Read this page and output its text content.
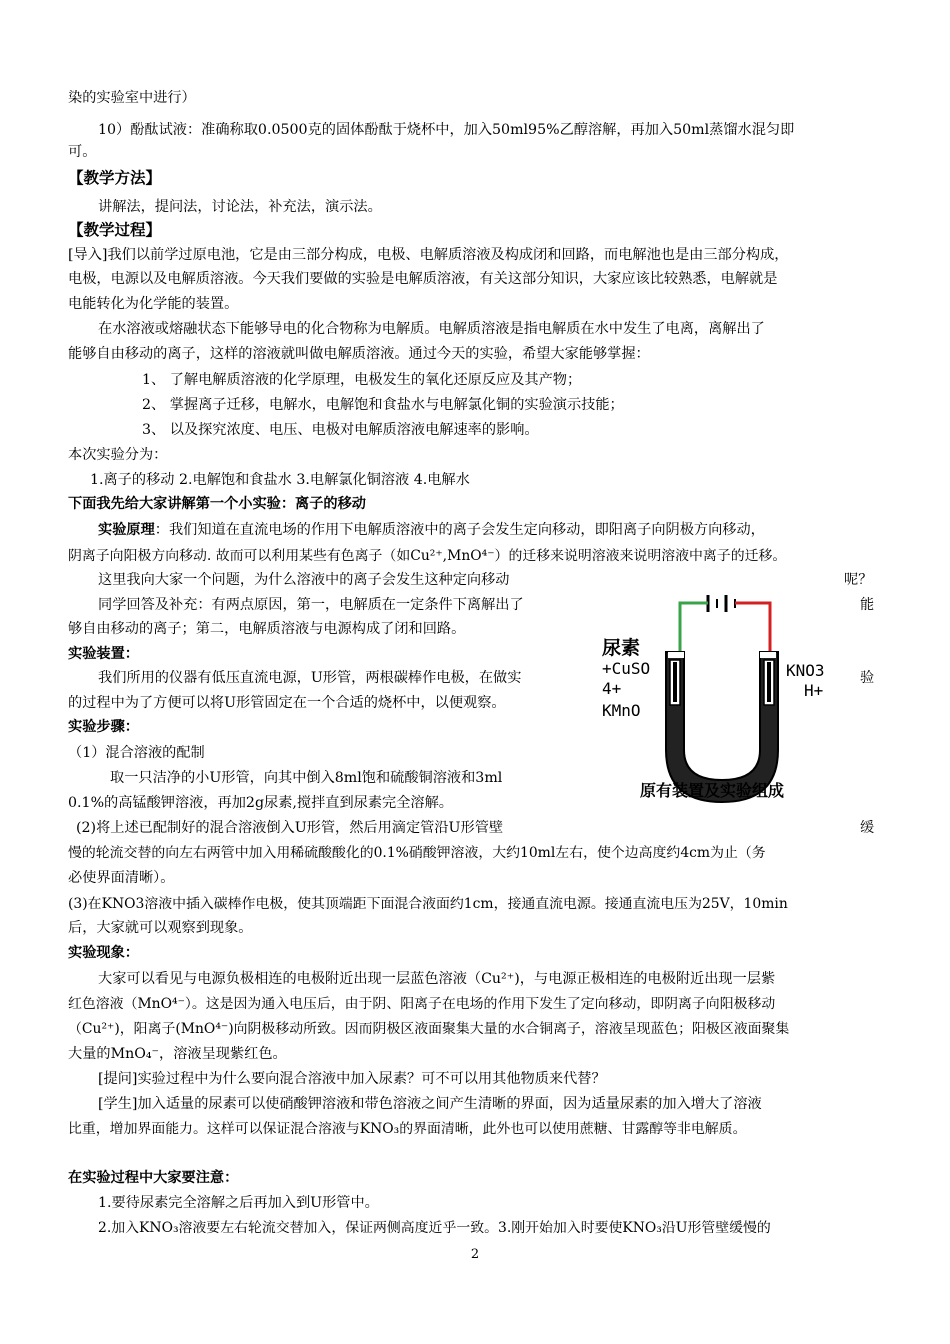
染的实验室中进行）
10）酚酞试液：准确称取0.0500克的固体酚酞于烧杯中，加入50ml95%乙醇溶解，再加入50ml蒸馏水混匀即
可。
【教学方法】
讲解法，提问法，讨论法，补充法，演示法。
【教学过程】
[导入]我们以前学过原电池，它是由三部分构成，电极、电解质溶液及构成闭和回路，而电解池也是由三部分构成，
电极，电源以及电解质溶液。今天我们要做的实验是电解质溶液，有关这部分知识，大家应该比较熟悉，电解就是
电能转化为化学能的装置。
在水溶液或熔融状态下能够导电的化合物称为电解质。电解质溶液是指电解质在水中发生了电离，离解出了
能够自由移动的离子，这样的溶液就叫做电解质溶液。通过今天的实验，希望大家能够掌握：
1、 了解电解质溶液的化学原理，电极发生的氧化还原反应及其产物；
2、 掌握离子迁移，电解水，电解饱和食盐水与电解氯化铜的实验演示技能；
3、 以及探究浓度、电压、电极对电解质溶液电解速率的影响。
本次实验分为：
1.离子的移动 2.电解饱和食盐水 3.电解氯化铜溶液 4.电解水
下面我先给大家讲解第一个小实验：离子的移动
实验原理：我们知道在直流电场的作用下电解质溶液中的离子会发生定向移动，即阳离子向阴极方向移动，
阴离子向阳极方向移动. 故而可以利用某些有色离子（如Cu²⁺,MnO⁴⁻）的迁移来说明溶液来说明溶液中离子的迁移。
这里我向大家一个问题，为什么溶液中的离子会发生这种定向移动	呢？
同学回答及补充：有两点原因，第一，电解质在一定条件下离解出了	能
够自由移动的离子；第二，电解质溶液与电源构成了闭和回路。
实验装置：
我们所用的仪器有低压直流电源，U形管，两根碳棒作电极，在做实	验
的过程中为了方便可以将U形管固定在一个合适的烧杯中，以便观察。
实验步骤：
（1）混合溶液的配制
取一只洁净的小U形管，向其中倒入8ml饱和硫酸铜溶液和3ml
0.1%的高锰酸钾溶液，再加2g尿素,搅拌直到尿素完全溶解。
(2)将上述已配制好的混合溶液倒入U形管，然后用滴定管沿U形管壁	缓
慢的轮流交替的向左右两管中加入用稀硫酸酸化的0.1%硝酸钾溶液，大约10ml左右，使个边高度约4cm为止（务
必使界面清晰）。
(3)在KNO3溶液中插入碳棒作电极，使其顶端距下面混合液面约1cm，接通直流电源。接通直流电压为25V，10min
后，大家就可以观察到现象。
实验现象：
大家可以看见与电源负极相连的电极附近出现一层蓝色溶液（Cu²⁺)，与电源正极相连的电极附近出现一层紫
红色溶液（MnO⁴⁻）。这是因为通入电压后，由于阴、阳离子在电场的作用下发生了定向移动，即阴离子向阳极移动
（Cu²⁺)，阳离子(MnO⁴⁻)向阴极移动所致。因而阴极区液面聚集大量的水合铜离子，溶液呈现蓝色；阳极区液面聚集
大量的MnO₄⁻，溶液呈现紫红色。
[提问]实验过程中为什么要向混合溶液中加入尿素？可不可以用其他物质来代替？
[学生]加入适量的尿素可以使硝酸钾溶液和带色溶液之间产生清晰的界面，因为适量尿素的加入增大了溶液
比重，增加界面能力。这样可以保证混合溶液与KNO₃的界面清晰，此外也可以使用蔗糖、甘露醇等非电解质。
在实验过程中大家要注意：
1.要待尿素完全溶解之后再加入到U形管中。
2.加入KNO₃溶液要左右轮流交替加入，保证两侧高度近乎一致。3.刚开始加入时要使KNO₃沿U形管壁缓慢的
尿素
+CuSO
4+
KMnO
KNO3
H+
原有装置及实验组成
2
